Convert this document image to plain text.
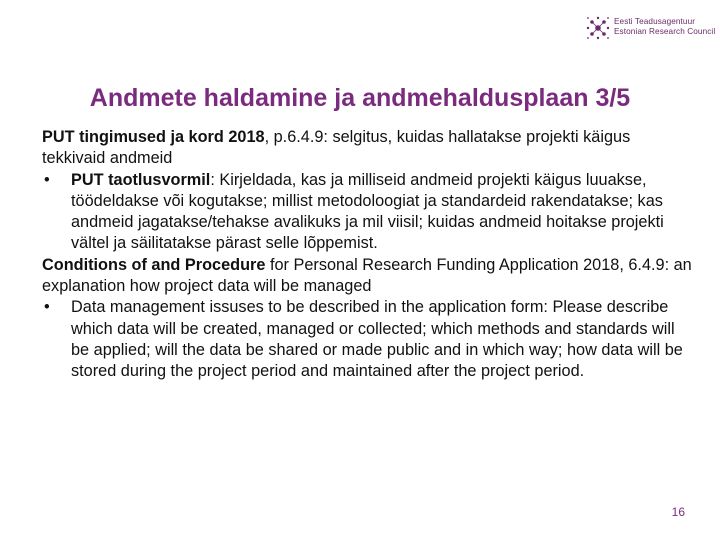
Eesti Teadusagentuur
Estonian Research Council
Andmete haldamine ja andmehaldusplaan 3/5

PUT tingimused ja kord 2018, p.6.4.9: selgitus, kuidas hallatakse projekti käigus tekkivaid andmeid

• PUT taotlusvormil: Kirjeldada, kas ja milliseid andmeid projekti käigus luuakse, töödeldakse või kogutakse; millist metodoloogiat ja standardeid rakendatakse; kas andmeid jagatakse/tehakse avalikuks ja mil viisil; kuidas andmeid hoitakse projekti vältel ja säilitatakse pärast selle lõppemist.

Conditions of and Procedure for Personal Research Funding Application 2018, 6.4.9: an explanation how project data will be managed

• Data management issuses to be described in the application form: Please describe which data will be created, managed or collected; which methods and standards will be applied; will the data be shared or made public and in which way; how data will be stored during the project period and maintained after the project period.

16
